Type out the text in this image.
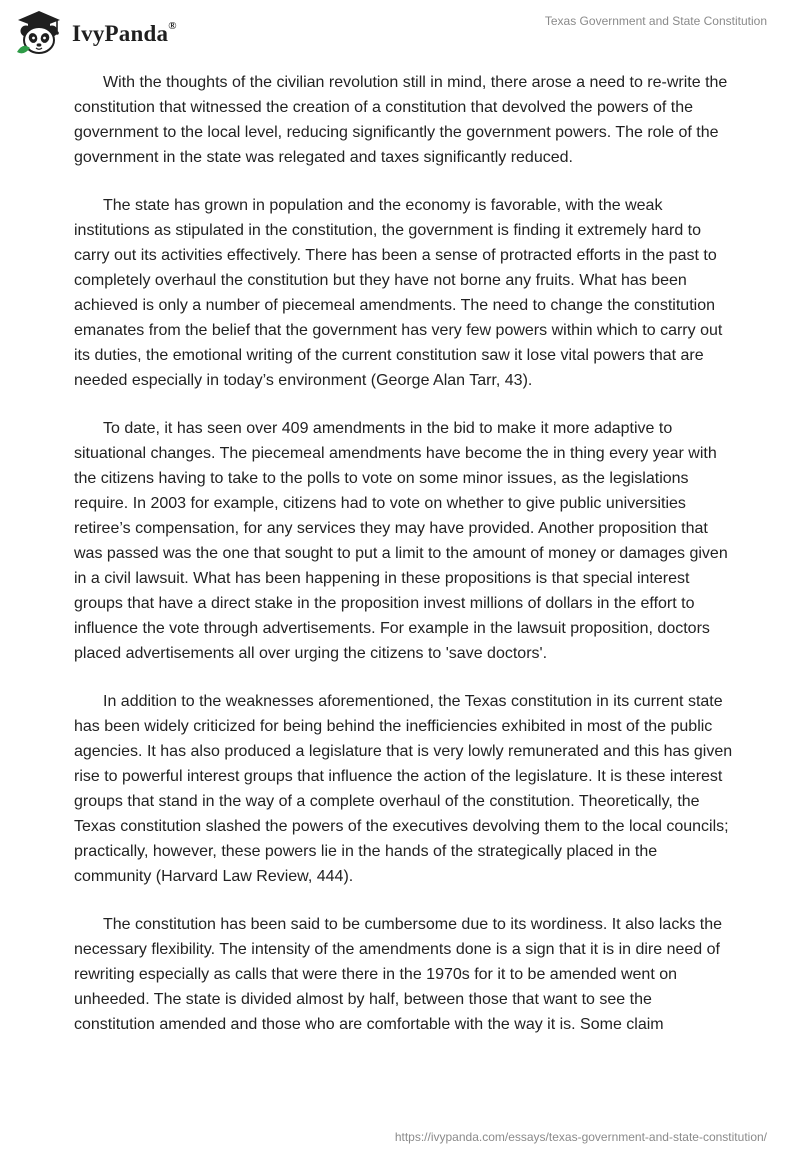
IvyPanda®	Texas Government and State Constitution

With the thoughts of the civilian revolution still in mind, there arose a need to re-write the constitution that witnessed the creation of a constitution that devolved the powers of the government to the local level, reducing significantly the government powers. The role of the government in the state was relegated and taxes significantly reduced.

The state has grown in population and the economy is favorable, with the weak institutions as stipulated in the constitution, the government is finding it extremely hard to carry out its activities effectively. There has been a sense of protracted efforts in the past to completely overhaul the constitution but they have not borne any fruits. What has been achieved is only a number of piecemeal amendments. The need to change the constitution emanates from the belief that the government has very few powers within which to carry out its duties, the emotional writing of the current constitution saw it lose vital powers that are needed especially in today’s environment (George Alan Tarr, 43).

To date, it has seen over 409 amendments in the bid to make it more adaptive to situational changes. The piecemeal amendments have become the in thing every year with the citizens having to take to the polls to vote on some minor issues, as the legislations require. In 2003 for example, citizens had to vote on whether to give public universities retiree’s compensation, for any services they may have provided. Another proposition that was passed was the one that sought to put a limit to the amount of money or damages given in a civil lawsuit. What has been happening in these propositions is that special interest groups that have a direct stake in the proposition invest millions of dollars in the effort to influence the vote through advertisements. For example in the lawsuit proposition, doctors placed advertisements all over urging the citizens to 'save doctors'.

In addition to the weaknesses aforementioned, the Texas constitution in its current state has been widely criticized for being behind the inefficiencies exhibited in most of the public agencies. It has also produced a legislature that is very lowly remunerated and this has given rise to powerful interest groups that influence the action of the legislature. It is these interest groups that stand in the way of a complete overhaul of the constitution. Theoretically, the Texas constitution slashed the powers of the executives devolving them to the local councils; practically, however, these powers lie in the hands of the strategically placed in the community (Harvard Law Review, 444).

The constitution has been said to be cumbersome due to its wordiness. It also lacks the necessary flexibility. The intensity of the amendments done is a sign that it is in dire need of rewriting especially as calls that were there in the 1970s for it to be amended went on unheeded. The state is divided almost by half, between those that want to see the constitution amended and those who are comfortable with the way it is. Some claim

https://ivypanda.com/essays/texas-government-and-state-constitution/
